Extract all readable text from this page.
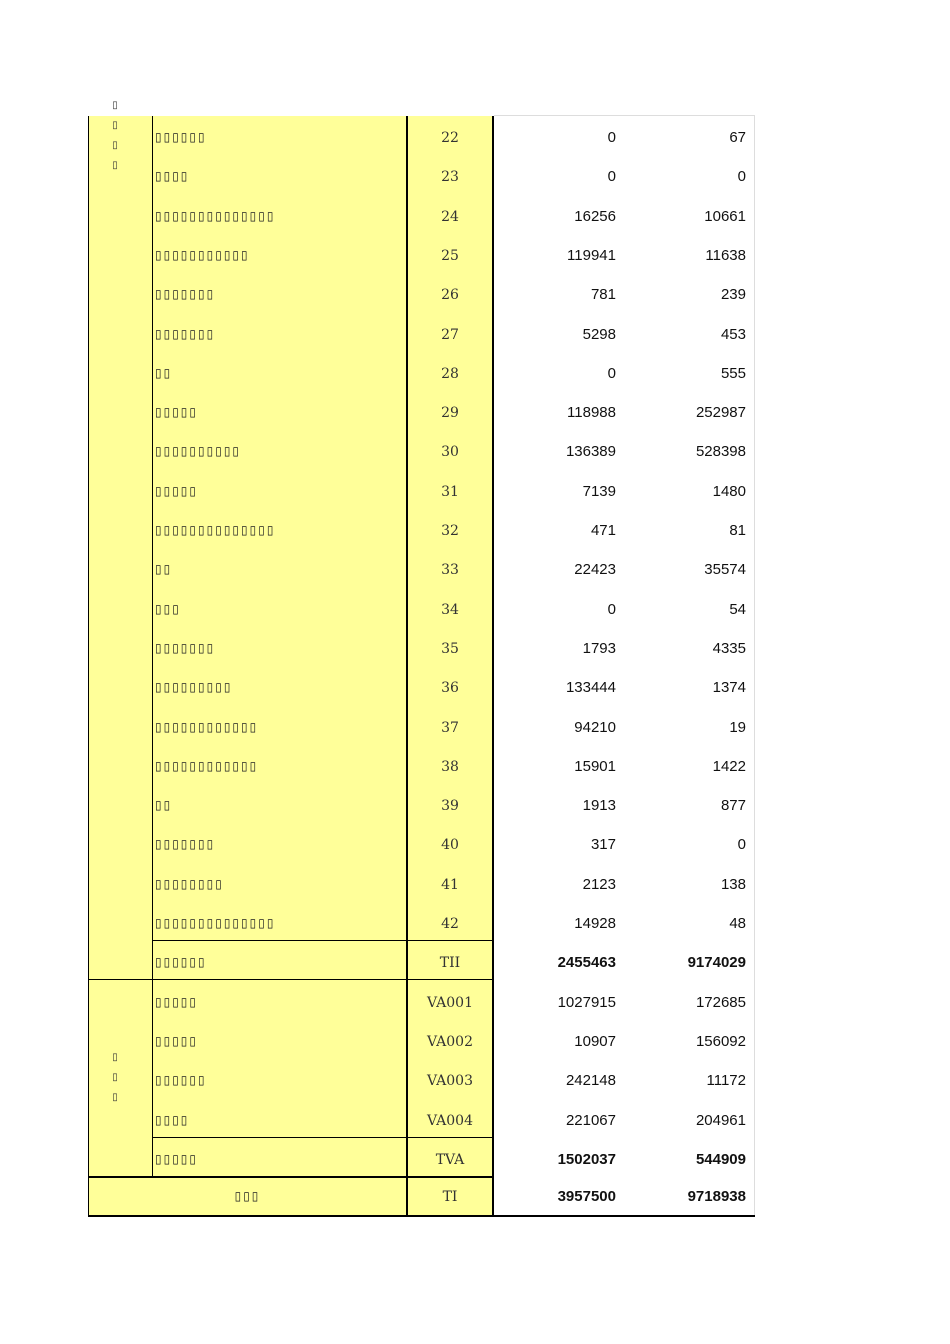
▯
▯
▯
▯
▯
▯
▯
▯▯▯▯▯▯	22	0	67
▯▯▯▯	23	0	0
▯▯▯▯▯▯▯▯▯▯▯▯▯▯	24	16256	10661
▯▯▯▯▯▯▯▯▯▯▯	25	119941	11638
▯▯▯▯▯▯▯	26	781	239
▯▯▯▯▯▯▯	27	5298	453
▯▯	28	0	555
▯▯▯▯▯	29	118988	252987
▯▯▯▯▯▯▯▯▯▯	30	136389	528398
▯▯▯▯▯	31	7139	1480
▯▯▯▯▯▯▯▯▯▯▯▯▯▯	32	471	81
▯▯	33	22423	35574
▯▯▯	34	0	54
▯▯▯▯▯▯▯	35	1793	4335
▯▯▯▯▯▯▯▯▯	36	133444	1374
▯▯▯▯▯▯▯▯▯▯▯▯	37	94210	19
▯▯▯▯▯▯▯▯▯▯▯▯	38	15901	1422
▯▯	39	1913	877
▯▯▯▯▯▯▯	40	317	0
▯▯▯▯▯▯▯▯	41	2123	138
▯▯▯▯▯▯▯▯▯▯▯▯▯▯	42	14928	48
▯▯▯▯▯▯	TII	2455463	9174029
▯▯▯▯▯	VA001	1027915	172685
▯▯▯▯▯	VA002	10907	156092
▯▯▯▯▯▯	VA003	242148	11172
▯▯▯▯	VA004	221067	204961
▯▯▯▯▯	TVA	1502037	544909
▯▯▯	TI	3957500	9718938
